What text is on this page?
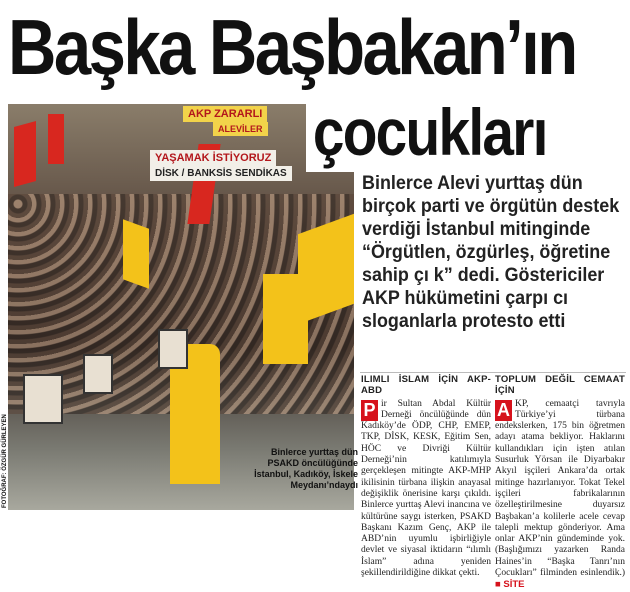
Başka Başbakan’ın
AKP ZARARLI
ALEVİLER
YAŞAMAK İSTİYORUZ
DİSK / BANKSİS SENDİKAS
Binlerce yurttaş dün PSAKD öncülüğünde İstanbul, Kadıköy, İskele Meydanı’ndaydı
FOTOĞRAF: ÖZGÜR GÜRLEYEN
çocukları
Binlerce Alevi yurttaş dün birçok parti ve örgütün destek verdiği İstanbul mitinginde “Örgütlen, özgürleş, öğretine sahip çı k” dedi. Göstericiler AKP hükümetini çarpı cı sloganlarla protesto etti
ILIMLI İSLAM İÇİN AKP-ABD
P ir Sultan Abdal Kültür Derneği öncülüğünde dün Kadıköy’de ÖDP, CHP, EMEP, TKP, DİSK, KESK, Eğitim Sen, HÖC ve Divriği Kültür Derneği’nin katılımıyla gerçekleşen mitingte AKP-MHP ikilisinin türbana ilişkin anayasal değişiklik önerisine karşı çıkıldı. Binlerce yurttaş Alevi inancına ve kültürüne saygı isterken, PSAKD Başkanı Kazım Genç, AKP ile ABD’nin uyumlu işbirliğiyle devlet ve siyasal iktidarın “ılımlı İslam” adına yeniden şekillendirildiğine dikkat çekti.
TOPLUM DEĞİL CEMAAT İÇİN
A KP, cemaatçi tavrıyla Türkiye’yi türbana endekslerken, 175 bin öğretmen adayı atama bekliyor. Haklarını kullandıkları için işten atılan Susurluk Yörsan ile Diyarbakır Akyıl işçileri Ankara’da ortak mitinge hazırlanıyor. Tokat Tekel işçileri fabrikalarının özelleştirilmesine duyarsız Başbakan’a kolilerle acele cevap talepli mektup gönderiyor. Ama onlar AKP’nin gündeminde yok. (Başlığımızı yazarken Randa Haines’in “Başka Tanrı’nın Çocukları” filminden esinlendik.) ■ SİTE
